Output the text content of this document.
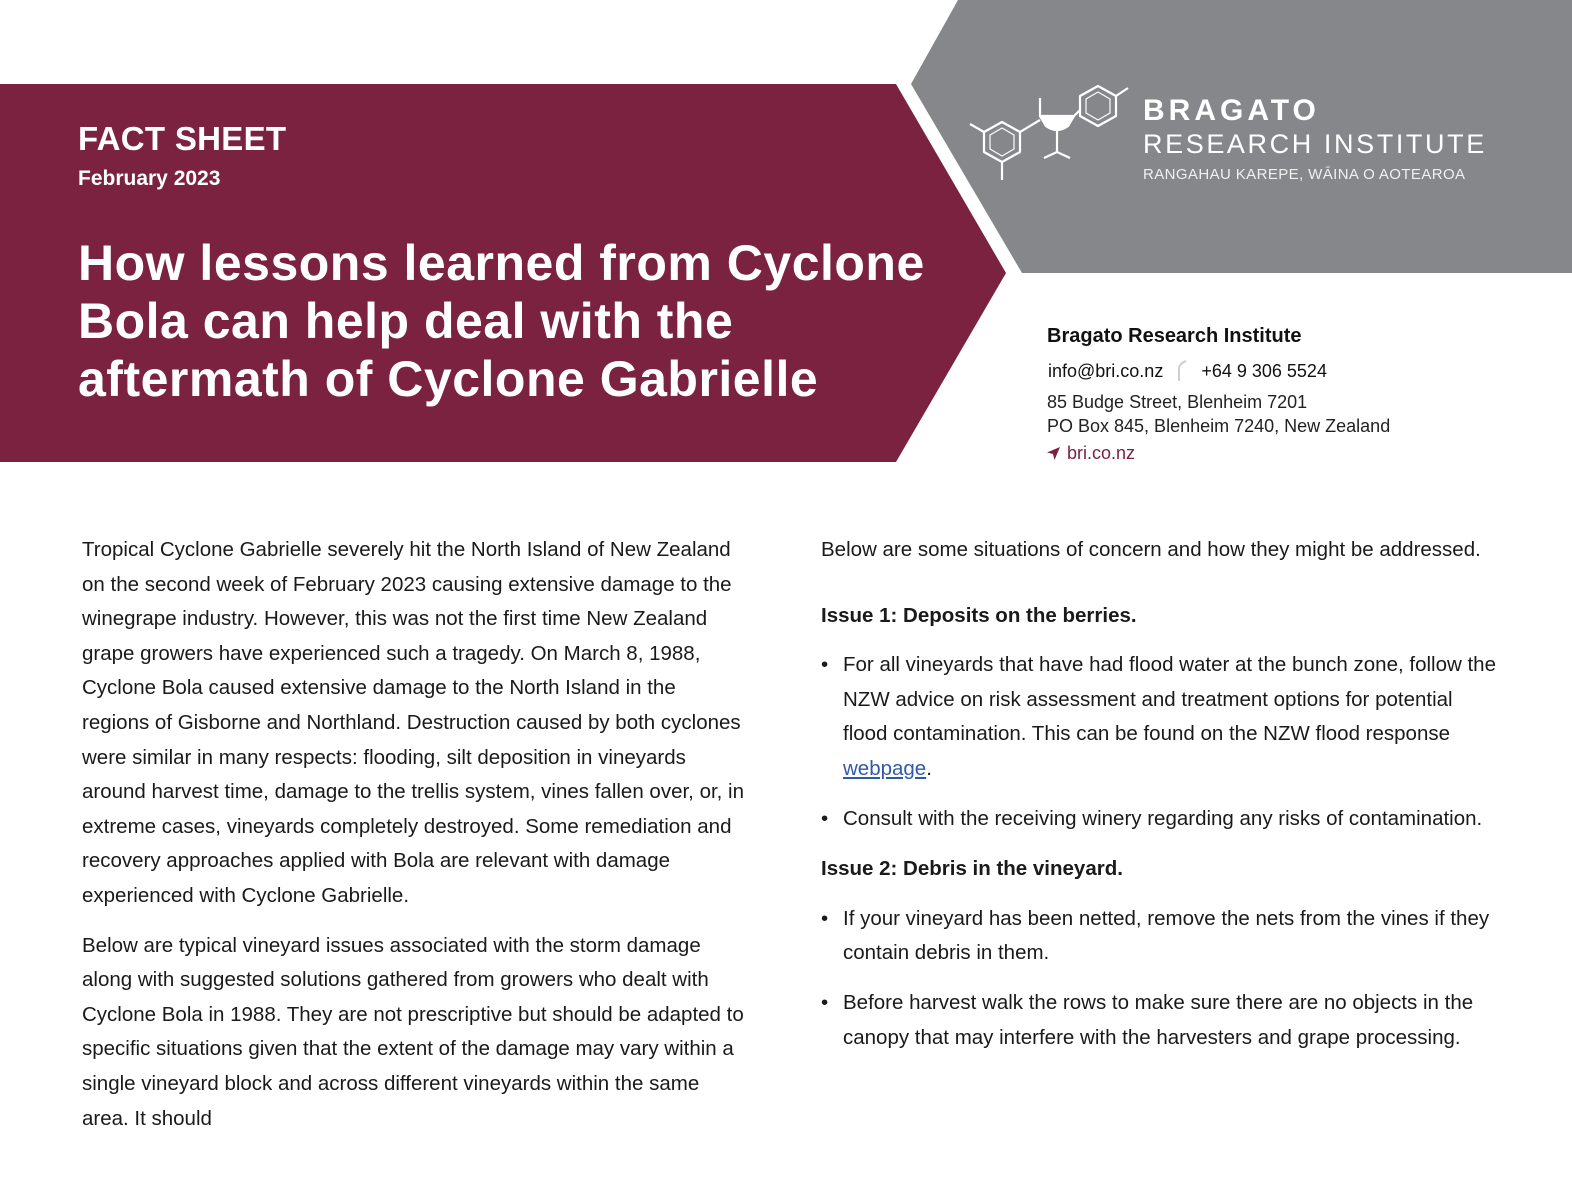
FACT SHEET
February 2023
How lessons learned from Cyclone Bola can help deal with the aftermath of Cyclone Gabrielle
BRAGATO
RESEARCH INSTITUTE
RANGAHAU KAREPE, WĀINA O AOTEAROA
Bragato Research Institute
info@bri.co.nz +64 9 306 5524
85 Budge Street, Blenheim 7201
PO Box 845, Blenheim 7240, New Zealand
bri.co.nz

Tropical Cyclone Gabrielle severely hit the North Island of New Zealand on the second week of February 2023 causing extensive damage to the winegrape industry. However, this was not the first time New Zealand grape growers have experienced such a tragedy. On March 8, 1988, Cyclone Bola caused extensive damage to the North Island in the regions of Gisborne and Northland. Destruction caused by both cyclones were similar in many respects: flooding, silt deposition in vineyards around harvest time, damage to the trellis system, vines fallen over, or, in extreme cases, vineyards completely destroyed. Some remediation and recovery approaches applied with Bola are relevant with damage experienced with Cyclone Gabrielle.

Below are typical vineyard issues associated with the storm damage along with suggested solutions gathered from growers who dealt with Cyclone Bola in 1988. They are not prescriptive but should be adapted to specific situations given that the extent of the damage may vary within a single vineyard block and across different vineyards within the same area. It should

Below are some situations of concern and how they might be addressed.

Issue 1: Deposits on the berries.
• For all vineyards that have had flood water at the bunch zone, follow the NZW advice on risk assessment and treatment options for potential flood contamination. This can be found on the NZW flood response webpage.
• Consult with the receiving winery regarding any risks of contamination.
Issue 2: Debris in the vineyard.
• If your vineyard has been netted, remove the nets from the vines if they contain debris in them.
• Before harvest walk the rows to make sure there are no objects in the canopy that may interfere with the harvesters and grape processing.
